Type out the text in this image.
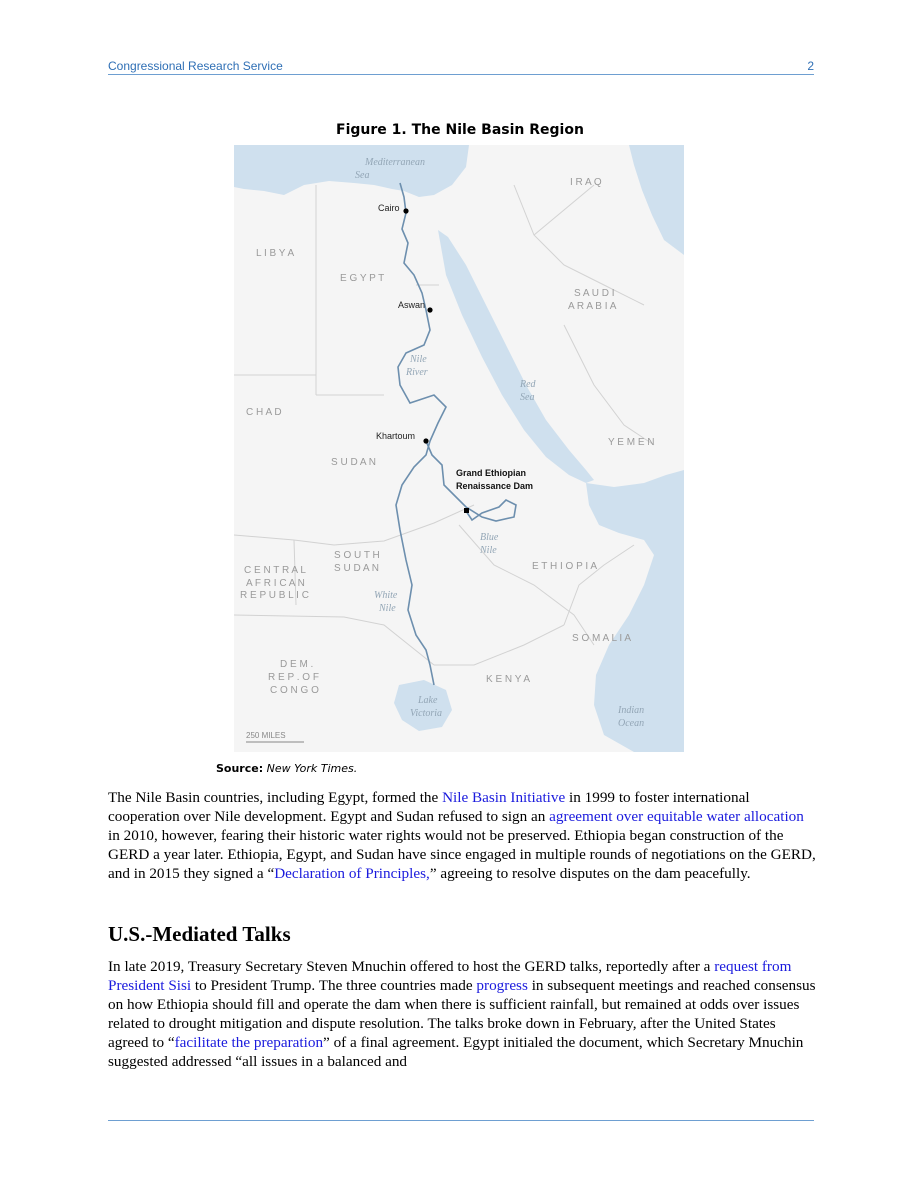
Congressional Research Service	2
Figure 1. The Nile Basin Region
Mediterranean
Sea
I R A Q
Cairo
L I B Y A
E G Y P T
S A U D I
A R A B I A
Aswan
Nile
River
Red
Sea
C H A D
Khartoum
Y E M E N
S U D A N
Grand Ethiopian
Renaissance Dam
Blue
Nile
S O U T H
S U D A N	E T H I O P I A
C E N T R A L
A F R I C A N
R E P U B L I C	White
Nile
S O M A L I A
D E M .
R E P . O F
C O N G O
K E N Y A
Lake
Victoria	Indian
Ocean
250 MILES
Source: New York Times.
The Nile Basin countries, including Egypt, formed the Nile Basin Initiative in 1999 to foster international cooperation over Nile development. Egypt and Sudan refused to sign an agreement over equitable water allocation in 2010, however, fearing their historic water rights would not be preserved. Ethiopia began construction of the GERD a year later. Ethiopia, Egypt, and Sudan have since engaged in multiple rounds of negotiations on the GERD, and in 2015 they signed a “Declaration of Principles,” agreeing to resolve disputes on the dam peacefully.
U.S.-Mediated Talks
In late 2019, Treasury Secretary Steven Mnuchin offered to host the GERD talks, reportedly after a request from President Sisi to President Trump. The three countries made progress in subsequent meetings and reached consensus on how Ethiopia should fill and operate the dam when there is sufficient rainfall, but remained at odds over issues related to drought mitigation and dispute resolution. The talks broke down in February, after the United States agreed to “facilitate the preparation” of a final agreement. Egypt initialed the document, which Secretary Mnuchin suggested addressed “all issues in a balanced and
